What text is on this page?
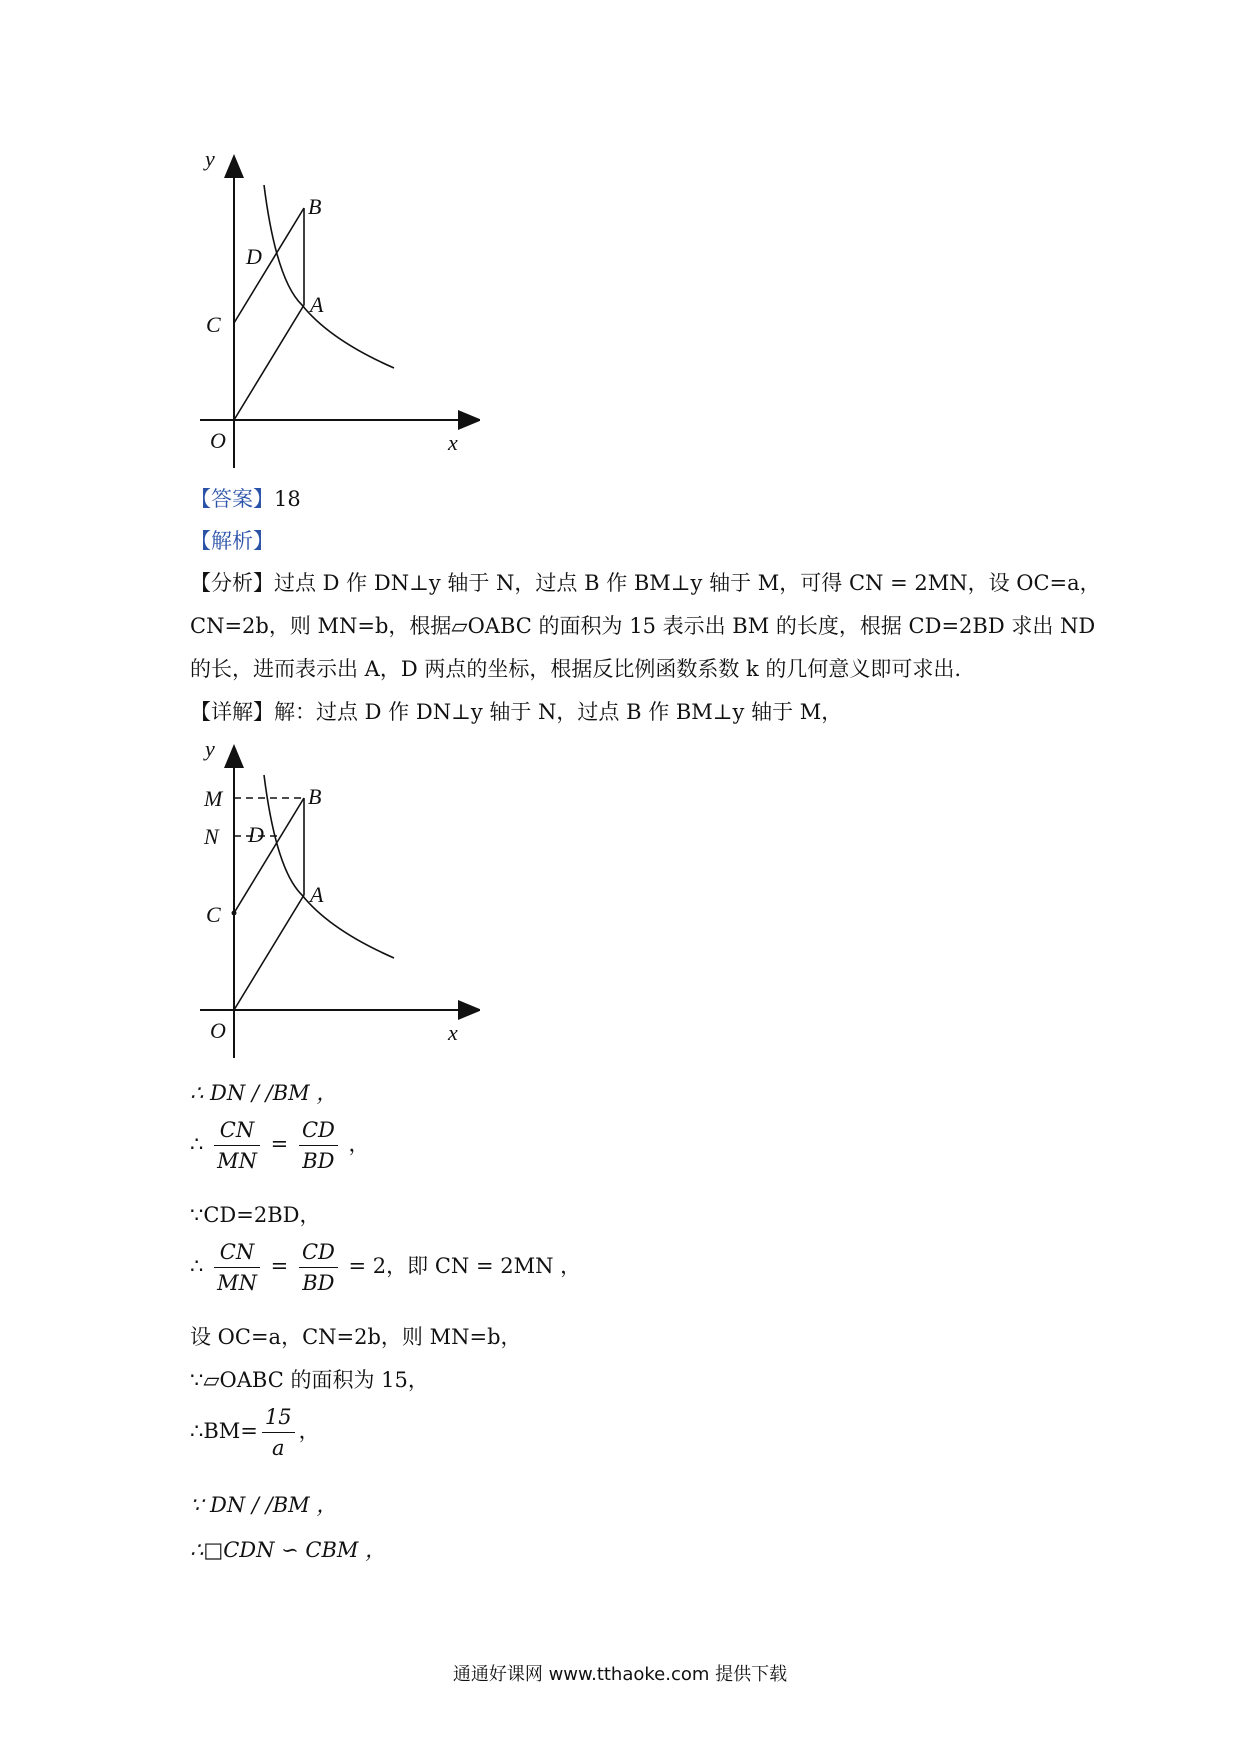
y
x
O
C
D
B
A
【答案】18
【解析】
【分析】过点 D 作 DN⊥y 轴于 N，过点 B 作 BM⊥y 轴于 M，可得 CN = 2MN，设 OC=a，
CN=2b，则 MN=b，根据▱OABC 的面积为 15 表示出 BM 的长度，根据 CD=2BD 求出 ND
的长，进而表示出 A，D 两点的坐标，根据反比例函数系数 k 的几何意义即可求出.
【详解】解：过点 D 作 DN⊥y 轴于 N，过点 B 作 BM⊥y 轴于 M，
y
x
O
C
M
N D
B
A
∴ DN / /BM ，
∴ $\frac{CN}{MN} = \frac{CD}{BD}$ ，
∵CD=2BD，
∴ $\frac{CN}{MN} = \frac{CD}{BD} = 2$，即 CN = 2MN ，
设 OC=a，CN=2b，则 MN=b，
∵▱OABC 的面积为 15，
∴BM= $\frac{15}{a}$ ，
∵ DN / /BM ，
∴□CDN ∽ CBM ，
通通好课网 www.tthaoke.com 提供下载
